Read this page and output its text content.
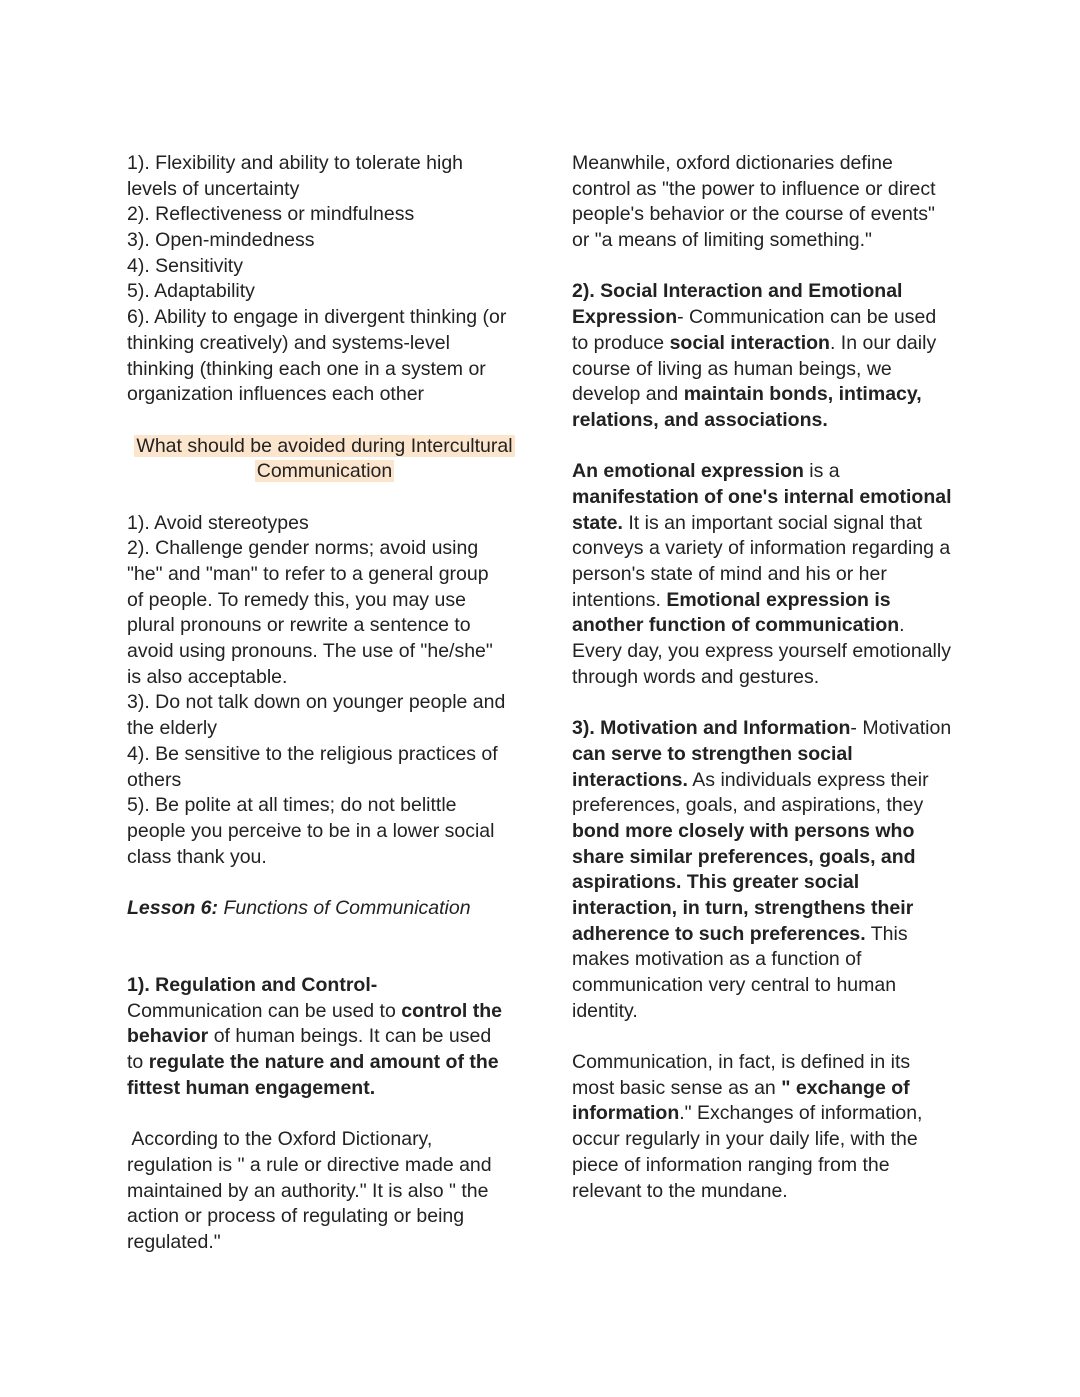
1). Flexibility and ability to tolerate high
levels of uncertainty
2). Reflectiveness or mindfulness
3). Open-mindedness
4). Sensitivity
5). Adaptability
6). Ability to engage in divergent thinking (or
thinking creatively) and systems-level
thinking (thinking each one in a system or
organization influences each other
What should be avoided during Intercultural
Communication
1). Avoid stereotypes
2). Challenge gender norms; avoid using
"he" and "man" to refer to a general group
of people. To remedy this, you may use
plural pronouns or rewrite a sentence to
avoid using pronouns. The use of "he/she"
is also acceptable.
3). Do not talk down on younger people and
the elderly
4). Be sensitive to the religious practices of
others
5). Be polite at all times; do not belittle
people you perceive to be in a lower social
class thank you.
Lesson 6: Functions of Communication
1). Regulation and Control-
Communication can be used to control the
behavior of human beings. It can be used
to regulate the nature and amount of the
fittest human engagement.
According to the Oxford Dictionary,
regulation is " a rule or directive made and
maintained by an authority." It is also " the
action or process of regulating or being
regulated."
Meanwhile, oxford dictionaries define
control as "the power to influence or direct
people's behavior or the course of events"
or "a means of limiting something."
2). Social Interaction and Emotional
Expression- Communication can be used
to produce social interaction. In our daily
course of living as human beings, we
develop and maintain bonds, intimacy,
relations, and associations.
An emotional expression is a
manifestation of one's internal emotional
state. It is an important social signal that
conveys a variety of information regarding a
person's state of mind and his or her
intentions. Emotional expression is
another function of communication.
Every day, you express yourself emotionally
through words and gestures.
3). Motivation and Information- Motivation
can serve to strengthen social
interactions. As individuals express their
preferences, goals, and aspirations, they
bond more closely with persons who
share similar preferences, goals, and
aspirations. This greater social
interaction, in turn, strengthens their
adherence to such preferences. This
makes motivation as a function of
communication very central to human
identity.
Communication, in fact, is defined in its
most basic sense as an " exchange of
information." Exchanges of information,
occur regularly in your daily life, with the
piece of information ranging from the
relevant to the mundane.
